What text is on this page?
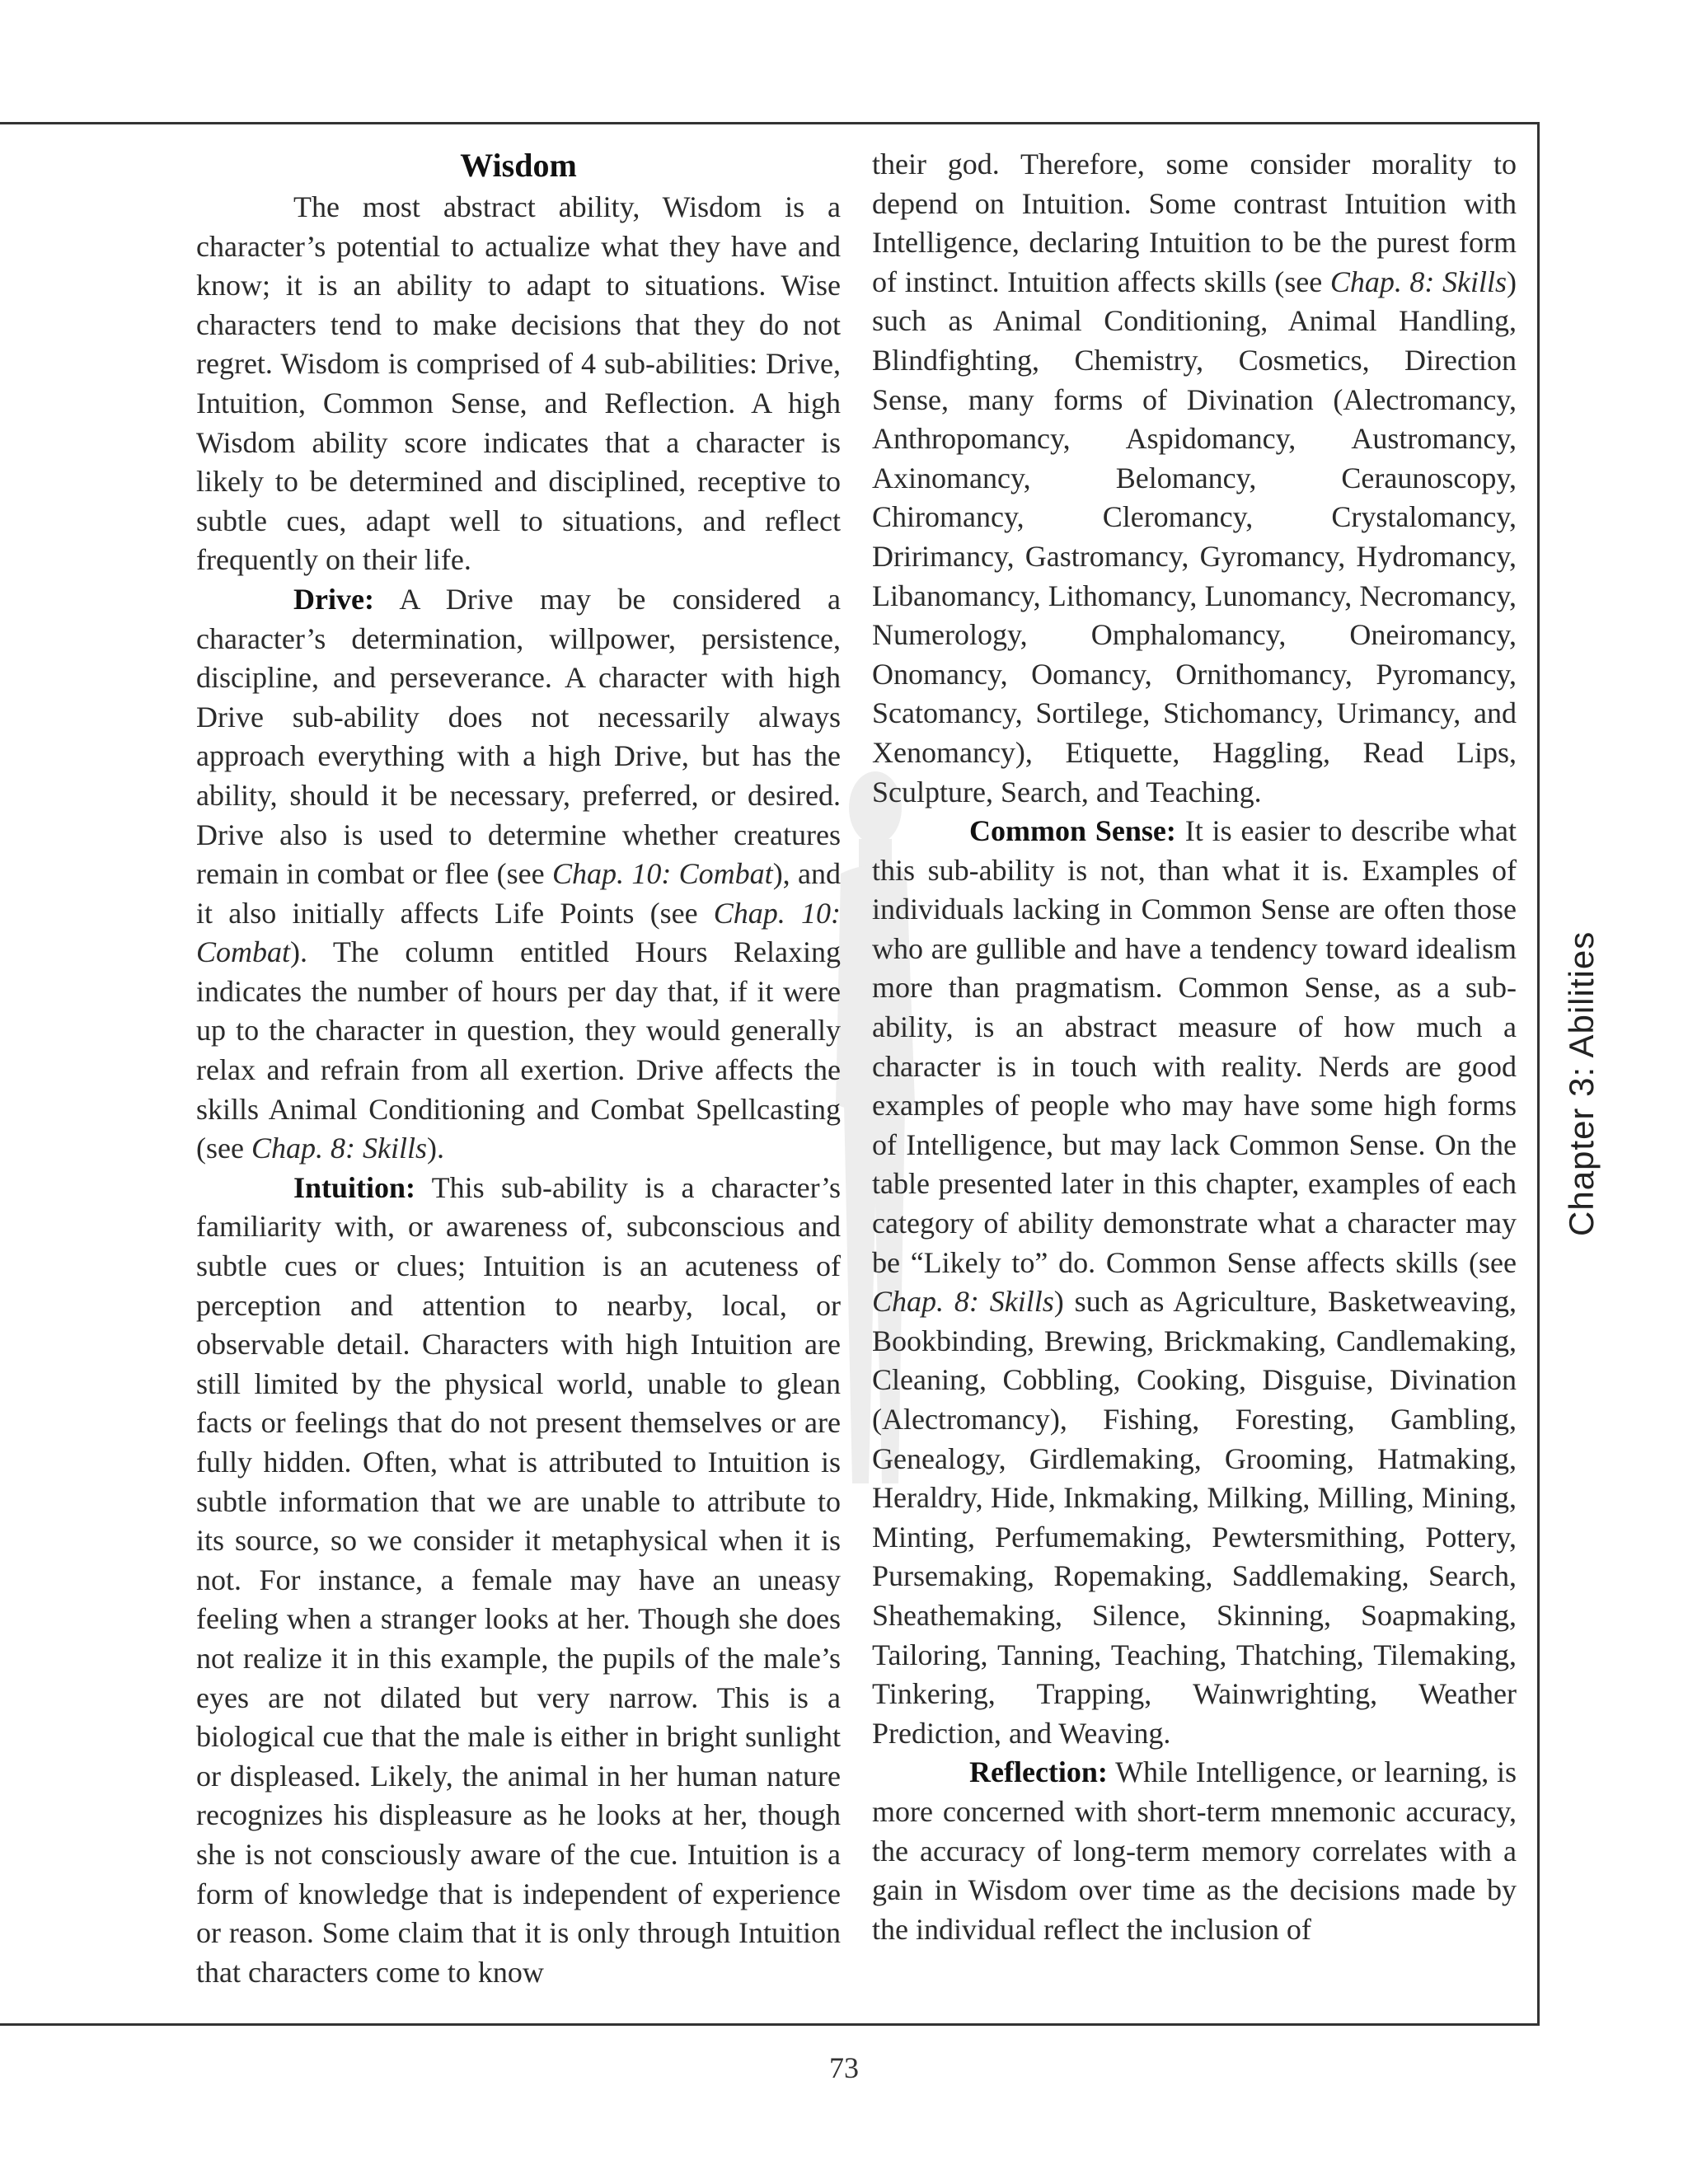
Wisdom

The most abstract ability, Wisdom is a character’s potential to actualize what they have and know; it is an ability to adapt to situations. Wise characters tend to make decisions that they do not regret. Wisdom is comprised of 4 sub-abilities: Drive, Intuition, Common Sense, and Reflection. A high Wisdom ability score indicates that a character is likely to be determined and disciplined, receptive to subtle cues, adapt well to situations, and reflect frequently on their life.

Drive: A Drive may be considered a character’s determination, willpower, persistence, discipline, and perseverance. A character with high Drive sub-ability does not necessarily always approach everything with a high Drive, but has the ability, should it be necessary, preferred, or desired. Drive also is used to determine whether creatures remain in combat or flee (see Chap. 10: Combat), and it also initially affects Life Points (see Chap. 10: Combat). The column entitled Hours Relaxing indicates the number of hours per day that, if it were up to the character in question, they would generally relax and refrain from all exertion. Drive affects the skills Animal Conditioning and Combat Spellcasting (see Chap. 8: Skills).

Intuition: This sub-ability is a character’s familiarity with, or awareness of, subconscious and subtle cues or clues; Intuition is an acuteness of perception and attention to nearby, local, or observable detail. Characters with high Intuition are still limited by the physical world, unable to glean facts or feelings that do not present themselves or are fully hidden. Often, what is attributed to Intuition is subtle information that we are unable to attribute to its source, so we consider it metaphysical when it is not. For instance, a female may have an uneasy feeling when a stranger looks at her. Though she does not realize it in this example, the pupils of the male’s eyes are not dilated but very narrow. This is a biological cue that the male is either in bright sunlight or displeased. Likely, the animal in her human nature recognizes his displeasure as he looks at her, though she is not consciously aware of the cue. Intuition is a form of knowledge that is independent of experience or reason. Some claim that it is only through Intuition that characters come to know

their god. Therefore, some consider morality to depend on Intuition. Some contrast Intuition with Intelligence, declaring Intuition to be the purest form of instinct. Intuition affects skills (see Chap. 8: Skills) such as Animal Conditioning, Animal Handling, Blindfighting, Chemistry, Cosmetics, Direction Sense, many forms of Divination (Alectromancy, Anthropomancy, Aspidomancy, Austromancy, Axinomancy, Belomancy, Ceraunoscopy, Chiromancy, Cleromancy, Crystalomancy, Dririmancy, Gastromancy, Gyromancy, Hydromancy, Libanomancy, Lithomancy, Lunomancy, Necromancy, Numerology, Omphalomancy, Oneiromancy, Onomancy, Oomancy, Ornithomancy, Pyromancy, Scatomancy, Sortilege, Stichomancy, Urimancy, and Xenomancy), Etiquette, Haggling, Read Lips, Sculpture, Search, and Teaching.

Common Sense: It is easier to describe what this sub-ability is not, than what it is. Examples of individuals lacking in Common Sense are often those who are gullible and have a tendency toward idealism more than pragmatism. Common Sense, as a sub-ability, is an abstract measure of how much a character is in touch with reality. Nerds are good examples of people who may have some high forms of Intelligence, but may lack Common Sense. On the table presented later in this chapter, examples of each category of ability demonstrate what a character may be “Likely to” do. Common Sense affects skills (see Chap. 8: Skills) such as Agriculture, Basketweaving, Bookbinding, Brewing, Brickmaking, Candlemaking, Cleaning, Cobbling, Cooking, Disguise, Divination (Alectromancy), Fishing, Foresting, Gambling, Genealogy, Girdlemaking, Grooming, Hatmaking, Heraldry, Hide, Inkmaking, Milking, Milling, Mining, Minting, Perfumemaking, Pewtersmithing, Pottery, Pursemaking, Ropemaking, Saddlemaking, Search, Sheathemaking, Silence, Skinning, Soapmaking, Tailoring, Tanning, Teaching, Thatching, Tilemaking, Tinkering, Trapping, Wainwrighting, Weather Prediction, and Weaving.

Reflection: While Intelligence, or learning, is more concerned with short-term mnemonic accuracy, the accuracy of long-term memory correlates with a gain in Wisdom over time as the decisions made by the individual reflect the inclusion of

Chapter 3: Abilities
73
